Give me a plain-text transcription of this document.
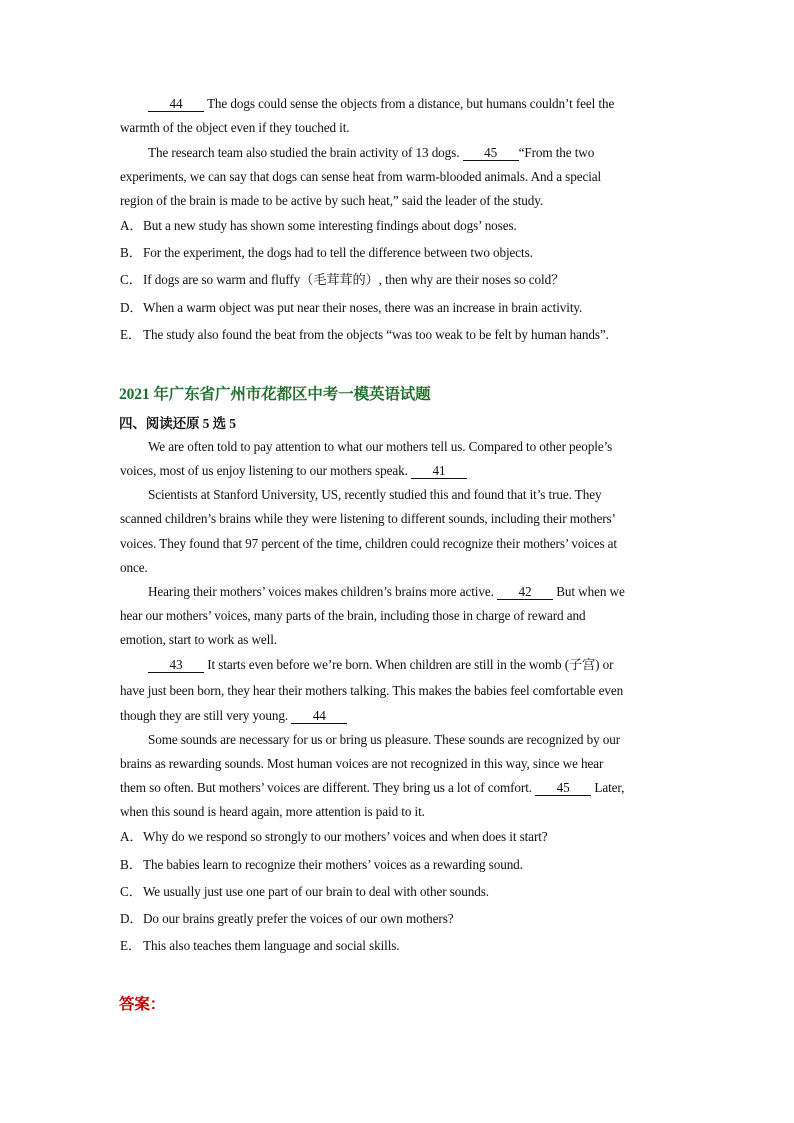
44 The dogs could sense the objects from a distance, but humans couldn’t feel the
warmth of the object even if they touched it.
The research team also studied the brain activity of 13 dogs. 45 “From the two
experiments, we can say that dogs can sense heat from warm-blooded animals. And a special
region of the brain is made to be active by such heat,” said the leader of the study.
A．But a new study has shown some interesting findings about dogs’ noses.
B．For the experiment, the dogs had to tell the difference between two objects.
C．If dogs are so warm and fluffy（毛茸茸的）, then why are their noses so cold？
D．When a warm object was put near their noses, there was an increase in brain activity.
E． The study also found the beat from the objects “was too weak to be felt by human hands”.
2021 年广东省广州市花都区中考一模英语试题
四、阅读还原 5 选 5
We are often told to pay attention to what our mothers tell us. Compared to other people’s
voices, most of us enjoy listening to our mothers speak. 41
Scientists at Stanford University, US, recently studied this and found that it’s true. They
scanned children’s brains while they were listening to different sounds, including their mothers’
voices. They found that 97 percent of the time, children could recognize their mothers’ voices at
once.
Hearing their mothers’ voices makes children’s brains more active. 42 But when we
hear our mothers’ voices, many parts of the brain, including those in charge of reward and
emotion, start to work as well.
43 It starts even before we’re born. When children are still in the womb (子宫) or
have just been born, they hear their mothers talking. This makes the babies feel comfortable even
though they are still very young. 44
Some sounds are necessary for us or bring us pleasure. These sounds are recognized by our
brains as rewarding sounds. Most human voices are not recognized in this way, since we hear
them so often. But mothers’ voices are different. They bring us a lot of comfort. 45 Later,
when this sound is heard again, more attention is paid to it.
A．Why do we respond so strongly to our mothers’ voices and when does it start?
B．The babies learn to recognize their mothers’ voices as a rewarding sound.
C．We usually just use one part of our brain to deal with other sounds.
D．Do our brains greatly prefer the voices of our own mothers?
E． This also teaches them language and social skills.
答案：
